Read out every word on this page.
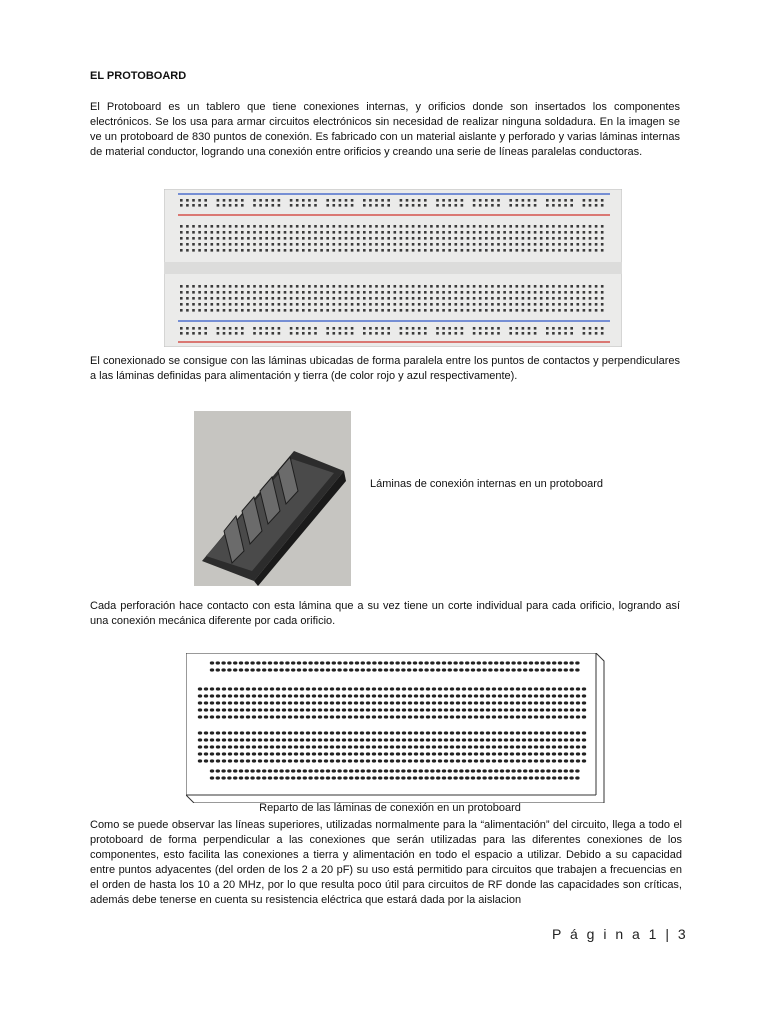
EL PROTOBOARD

El Protoboard es un tablero que tiene conexiones internas, y orificios donde son insertados los componentes electrónicos. Se los usa para armar circuitos electrónicos sin necesidad de realizar ninguna soldadura. En la imagen se ve un protoboard de 830 puntos de conexión. Es fabricado con un material aislante y perforado y varias láminas internas de material conductor, logrando una conexión entre orificios y creando una serie de líneas paralelas conductoras.

El conexionado se consigue con las láminas ubicadas de forma paralela entre los puntos de contactos y perpendiculares a las láminas definidas para alimentación y tierra (de color rojo y azul respectivamente).

Láminas de conexión internas en un protoboard

Cada perforación hace contacto con esta lámina que a su vez tiene un corte individual para cada orificio, logrando así una conexión mecánica diferente por cada orificio.

Reparto de las láminas de conexión en un protoboard

Como se puede observar las líneas superiores, utilizadas normalmente para la “alimentación” del circuito, llega a todo el protoboard de forma perpendicular a las conexiones que serán utilizadas para las diferentes conexiones de los componentes, esto facilita las conexiones a tierra y alimentación en todo el espacio a utilizar. Debido a su capacidad entre puntos adyacentes (del orden de los 2 a 20 pF) su uso está permitido para circuitos que trabajen a frecuencias en el orden de hasta los 10 a 20 MHz, por lo que resulta poco útil para circuitos de RF donde las capacidades son críticas, además debe tenerse en cuenta su resistencia eléctrica que estará dada por la aislacion

P á g i n a 1 | 3
